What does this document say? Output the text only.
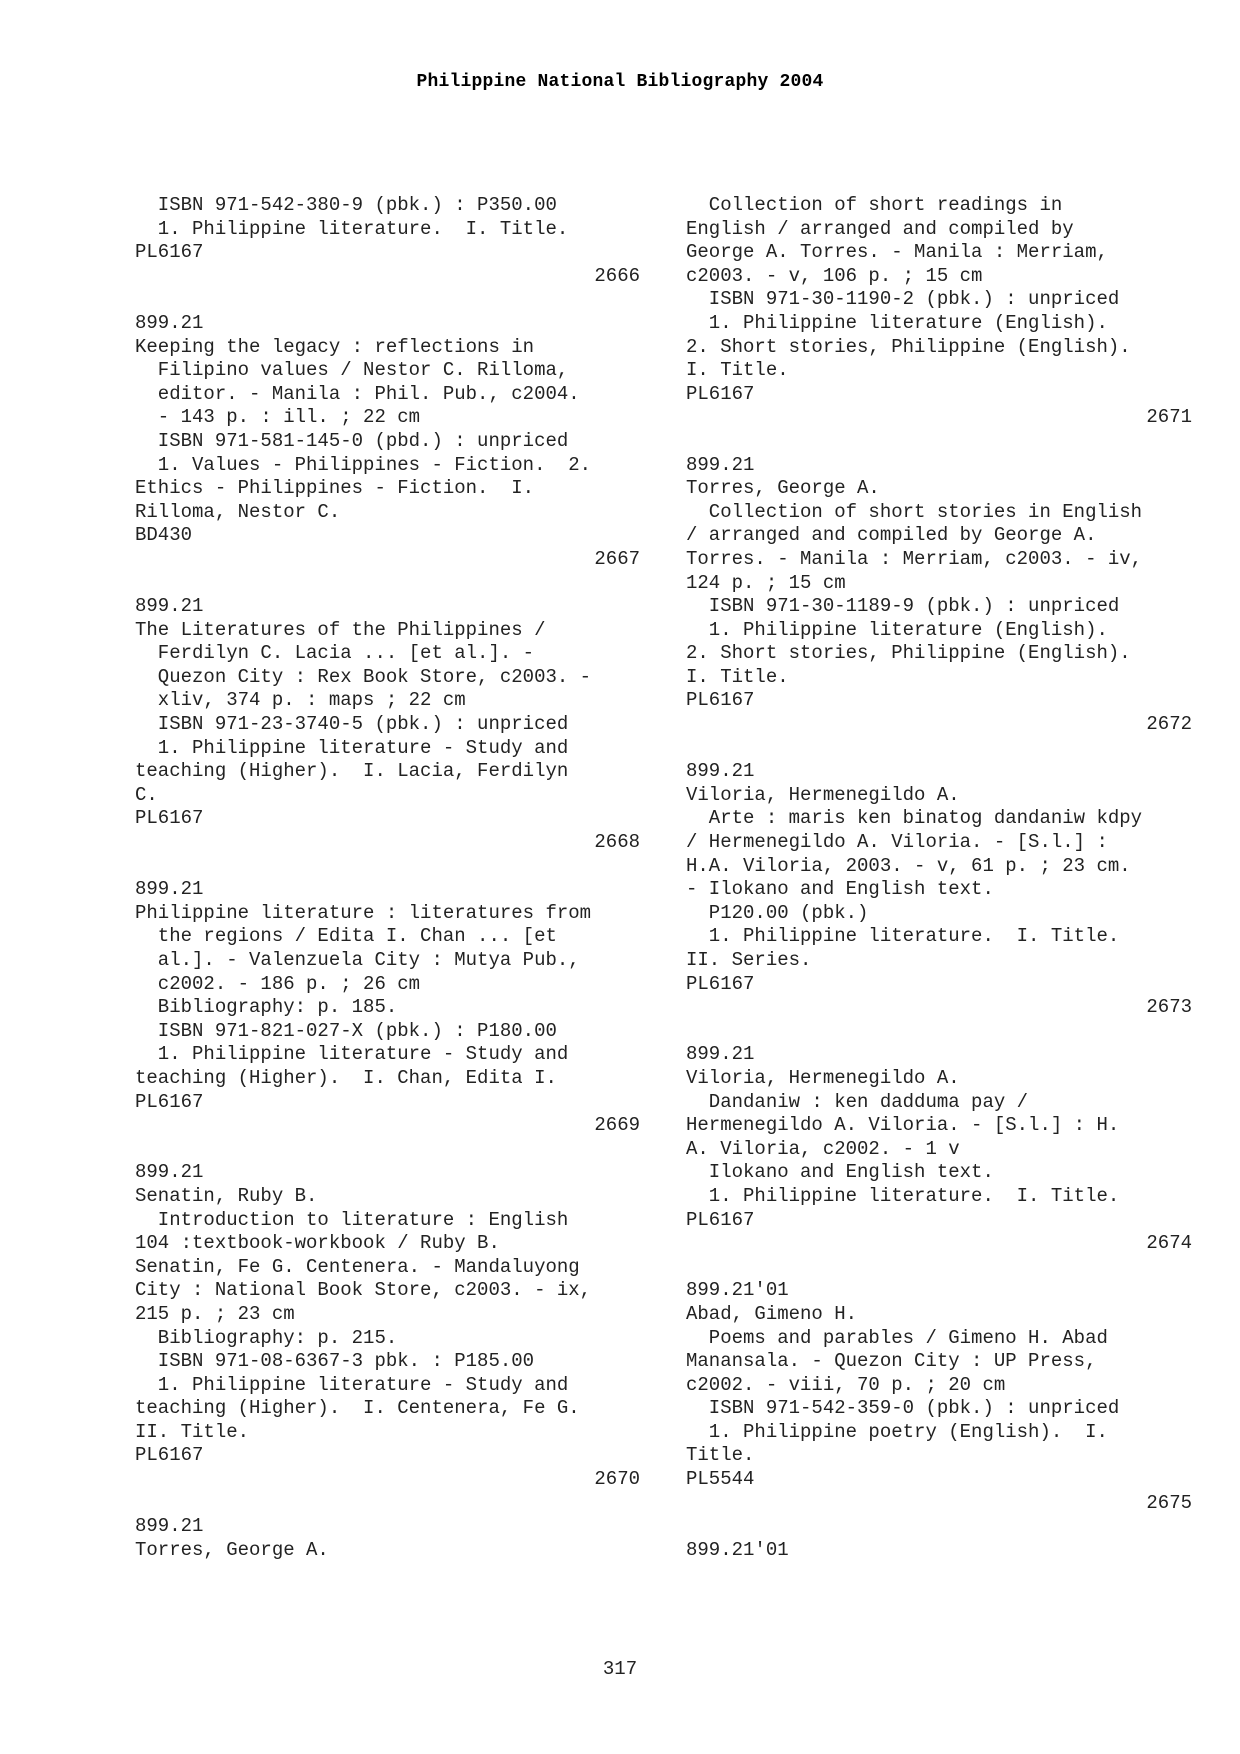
Philippine National Bibliography 2004
ISBN 971-542-380-9 (pbk.) : P350.00
1. Philippine literature.  I. Title.
PL6167
2666
899.21
Keeping the legacy : reflections in
Filipino values / Nestor C. Rilloma,
editor. - Manila : Phil. Pub., c2004.
- 143 p. : ill. ; 22 cm
ISBN 971-581-145-0 (pbd.) : unpriced
1. Values - Philippines - Fiction.  2.
Ethics - Philippines - Fiction.  I.
Rilloma, Nestor C.
BD430
2667
899.21
The Literatures of the Philippines /
Ferdilyn C. Lacia ... [et al.]. -
Quezon City : Rex Book Store, c2003. -
xliv, 374 p. : maps ; 22 cm
ISBN 971-23-3740-5 (pbk.) : unpriced
1. Philippine literature - Study and
teaching (Higher).  I. Lacia, Ferdilyn
C.
PL6167
2668
899.21
Philippine literature : literatures from
the regions / Edita I. Chan ... [et
al.]. - Valenzuela City : Mutya Pub.,
c2002. - 186 p. ; 26 cm
Bibliography: p. 185.
ISBN 971-821-027-X (pbk.) : P180.00
1. Philippine literature - Study and
teaching (Higher).  I. Chan, Edita I.
PL6167
2669
899.21
Senatin, Ruby B.
Introduction to literature : English
104 :textbook-workbook / Ruby B.
Senatin, Fe G. Centenera. - Mandaluyong
City : National Book Store, c2003. - ix,
215 p. ; 23 cm
Bibliography: p. 215.
ISBN 971-08-6367-3 pbk. : P185.00
1. Philippine literature - Study and
teaching (Higher).  I. Centenera, Fe G.
II. Title.
PL6167
2670
899.21
Torres, George A.
Collection of short readings in
English / arranged and compiled by
George A. Torres. - Manila : Merriam,
c2003. - v, 106 p. ; 15 cm
ISBN 971-30-1190-2 (pbk.) : unpriced
1. Philippine literature (English).
2. Short stories, Philippine (English).
I. Title.
PL6167
2671
899.21
Torres, George A.
Collection of short stories in English
/ arranged and compiled by George A.
Torres. - Manila : Merriam, c2003. - iv,
124 p. ; 15 cm
ISBN 971-30-1189-9 (pbk.) : unpriced
1. Philippine literature (English).
2. Short stories, Philippine (English).
I. Title.
PL6167
2672
899.21
Viloria, Hermenegildo A.
Arte : maris ken binatog dandaniw kdpy
/ Hermenegildo A. Viloria. - [S.l.] :
H.A. Viloria, 2003. - v, 61 p. ; 23 cm.
- Ilokano and English text.
P120.00 (pbk.)
1. Philippine literature.  I. Title.
II. Series.
PL6167
2673
899.21
Viloria, Hermenegildo A.
Dandaniw : ken dadduma pay /
Hermenegildo A. Viloria. - [S.l.] : H.
A. Viloria, c2002. - 1 v
Ilokano and English text.
1. Philippine literature.  I. Title.
PL6167
2674
899.21'01
Abad, Gimeno H.
Poems and parables / Gimeno H. Abad
Manansala. - Quezon City : UP Press,
c2002. - viii, 70 p. ; 20 cm
ISBN 971-542-359-0 (pbk.) : unpriced
1. Philippine poetry (English).  I.
Title.
PL5544
2675
899.21'01
317
